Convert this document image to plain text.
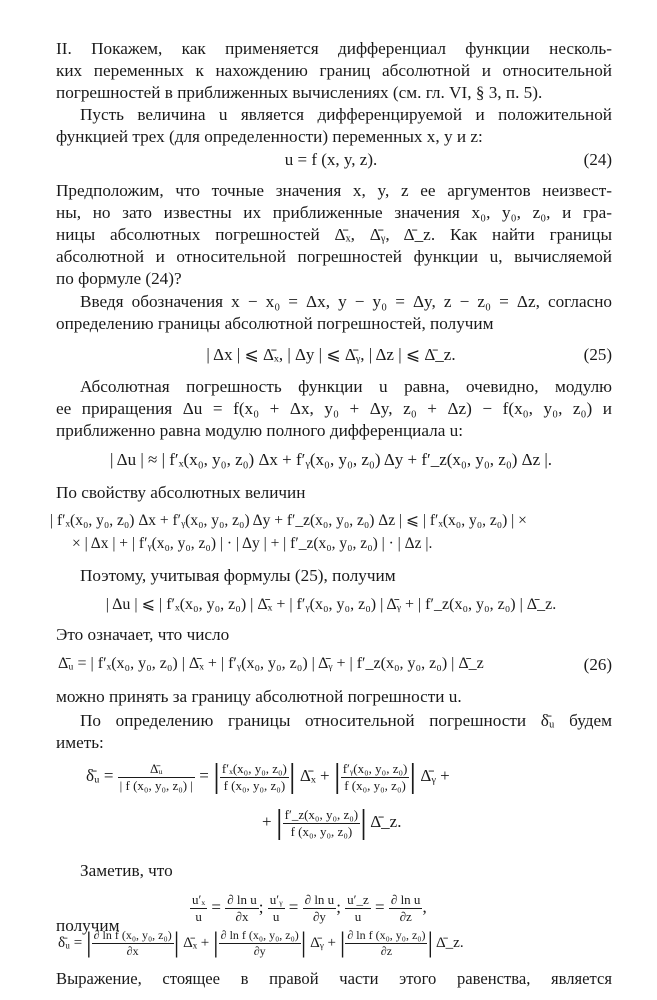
II. Покажем, как применяется дифференциал функции несколь-
ких переменных к нахождению границ абсолютной и относительной
погрешностей в приближенных вычислениях (см. гл. VI, § 3, п. 5).
Пусть величина u является дифференцируемой и положительной
функцией трех (для определенности) переменных x, y и z:
u = f (x, y, z).	(24)
Предположим, что точные значения x, y, z ее аргументов неизвест-
ны, но зато известны их приближенные значения x₀, y₀, z₀, и гра-
ницы абсолютных погрешностей Δ̄ₓ, Δ̄ᵧ, Δ̄_z. Как найти границы
абсолютной и относительной погрешностей функции u, вычисляемой
по формуле (24)?
Введя обозначения x − x₀ = Δx, y − y₀ = Δy, z − z₀ = Δz, согласно
определению границы абсолютной погрешностей, получим
| Δx | ⩽ Δ̄ₓ, | Δy | ⩽ Δ̄ᵧ, | Δz | ⩽ Δ̄_z.	(25)
Абсолютная погрешность функции u равна, очевидно, модулю
ее приращения Δu = f(x₀ + Δx, y₀ + Δy, z₀ + Δz) − f(x₀, y₀, z₀) и
приближенно равна модулю полного дифференциала u:
| Δu | ≈ | f′ₓ(x₀, y₀, z₀) Δx + f′ᵧ(x₀, y₀, z₀) Δy + f′_z(x₀, y₀, z₀) Δz |.
По свойству абсолютных величин
| f′ₓ(x₀, y₀, z₀) Δx + f′ᵧ(x₀, y₀, z₀) Δy + f′_z(x₀, y₀, z₀) Δz | ⩽ | f′ₓ(x₀, y₀, z₀) | ×
× | Δx | + | f′ᵧ(x₀, y₀, z₀) | · | Δy | + | f′_z(x₀, y₀, z₀) | · | Δz |.
Поэтому, учитывая формулы (25), получим
| Δu | ⩽ | f′ₓ(x₀, y₀, z₀) | Δ̄ₓ + | f′ᵧ(x₀, y₀, z₀) | Δ̄ᵧ + | f′_z(x₀, y₀, z₀) | Δ̄_z.
Это означает, что число
Δ̄ᵤ = | f′ₓ(x₀, y₀, z₀) | Δ̄ₓ + | f′ᵧ(x₀, y₀, z₀) | Δ̄ᵧ + | f′_z(x₀, y₀, z₀) | Δ̄_z	(26)
можно принять за границу абсолютной погрешности u.
По определению границы относительной погрешности δ̄ᵤ будем
иметь:
δ̄ᵤ = $\frac{\text{Δ̄ᵤ}}{\text{| f (x₀, y₀, z₀) |}}$ = | $\frac{\text{f′ₓ(x₀, y₀, z₀)}}{\text{f (x₀, y₀, z₀)}}$ | Δ̄ₓ + | $\frac{\text{f′ᵧ(x₀, y₀, z₀)}}{\text{f (x₀, y₀, z₀)}}$ | Δ̄ᵧ +
+ | $\frac{\text{f′\_z(x₀, y₀, z₀)}}{\text{f (x₀, y₀, z₀)}}$ | Δ̄_z.
Заметив, что
$\frac{\text{u′ₓ}}{u} = \frac{\text{∂ ln u}}{\partial x}$ ; $\frac{\text{u′ᵧ}}{u} = \frac{\text{∂ ln u}}{\partial y}$ ; $\frac{u'\_z}{u} = \frac{\text{∂ ln u}}{\partial z}$ ,
получим
δ̄ᵤ = | $\frac{\text{∂ ln f (x₀, y₀, z₀)}}{\partial x}$ | Δ̄ₓ + | $\frac{\text{∂ ln f (x₀, y₀, z₀)}}{\partial y}$ | Δ̄ᵧ + | $\frac{\text{∂ ln f (x₀, y₀, z₀)}}{\partial z}$ | Δ̄_z.
Выражение, стоящее в правой части этого равенства, является
